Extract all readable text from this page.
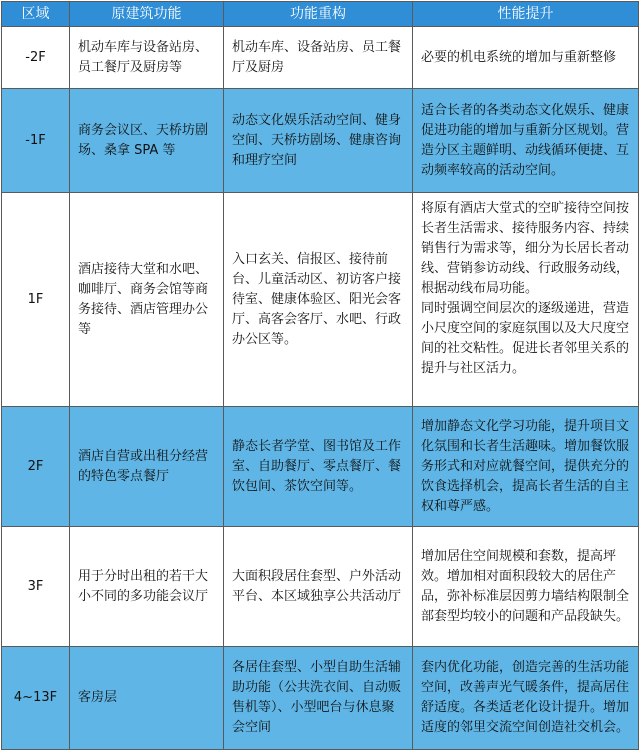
区域	原建筑功能	功能重构	性能提升
-2F	机动车库与设备站房、员工餐厅及厨房等	机动车库、设备站房、员工餐厅及厨房	必要的机电系统的增加与重新整修
-1F	商务会议区、天桥坊剧场、桑拿 SPA 等	动态文化娱乐活动空间、健身空间、天桥坊剧场、健康咨询和理疗空间	适合长者的各类动态文化娱乐、健康促进功能的增加与重新分区规划。营造分区主题鲜明、动线循环便捷、互动频率较高的活动空间。
1F	酒店接待大堂和水吧、咖啡厅、商务会馆等商务接待、酒店管理办公等	入口玄关、信报区、接待前台、儿童活动区、初访客户接待室、健康体验区、阳光会客厅、高客会客厅、水吧、行政办公区等。	将原有酒店大堂式的空旷接待空间按长者生活需求、接待服务内容、持续销售行为需求等，细分为长居长者动线、营销参访动线、行政服务动线，根据动线布局功能。
同时强调空间层次的逐级递进，营造小尺度空间的家庭氛围以及大尺度空间的社交粘性。促进长者邻里关系的提升与社区活力。

2F	酒店自营或出租分经营的特色零点餐厅	静态长者学堂、图书馆及工作室、自助餐厅、零点餐厅、餐饮包间、茶饮空间等。	增加静态文化学习功能，提升项目文化氛围和长者生活趣味。增加餐饮服务形式和对应就餐空间，提供充分的饮食选择机会，提高长者生活的自主权和尊严感。
3F	用于分时出租的若干大小不同的多功能会议厅	大面积段居住套型、户外活动平台、本区域独享公共活动厅	增加居住空间规模和套数，提高坪效。增加相对面积段较大的居住产品，弥补标准层因剪力墙结构限制全部套型均较小的问题和产品段缺失。
4~13F	客房层	各居住套型、小型自助生活辅助功能（公共洗衣间、自动贩售机等）、小型吧台与休息聚会空间	套内优化功能，创造完善的生活功能空间，改善声光气暖条件，提高居住舒适度。各类适老化设计提升。增加适度的邻里交流空间创造社交机会。
